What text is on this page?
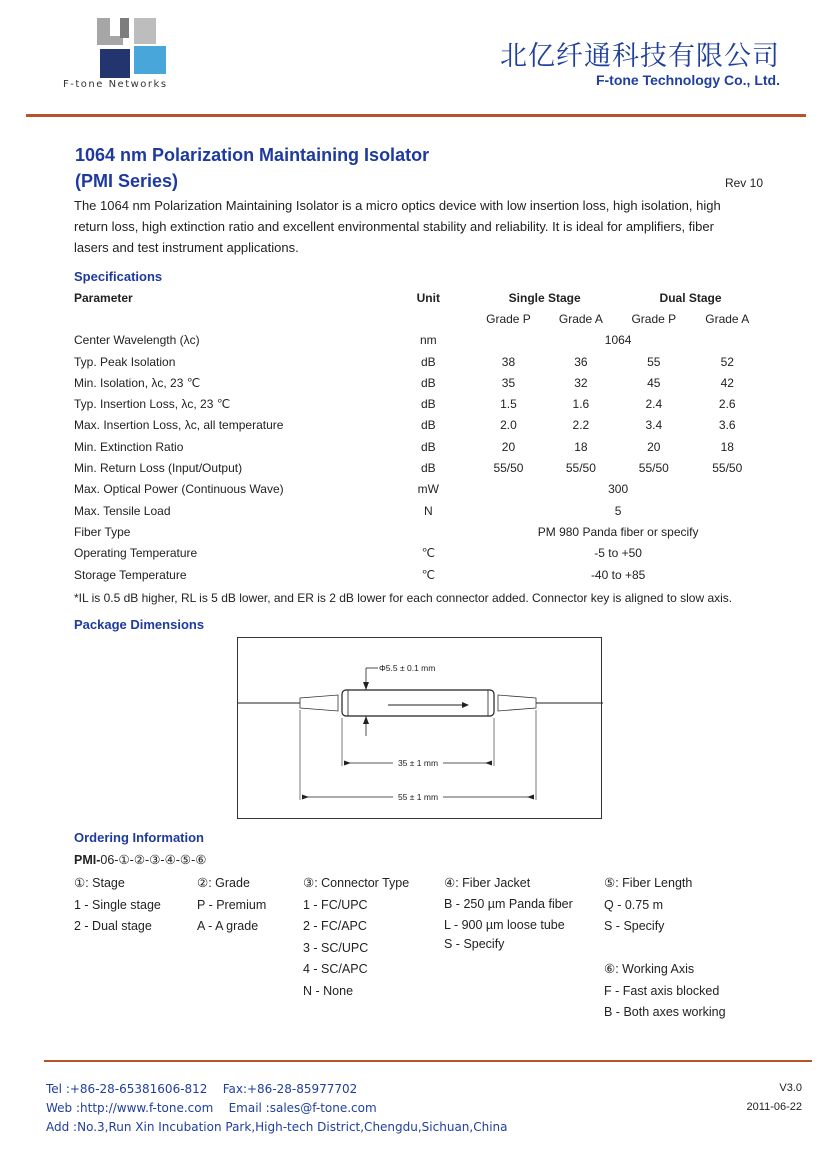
F-tone Networks
北亿纤通科技有限公司
F-tone Technology Co., Ltd.
1064 nm Polarization Maintaining Isolator
(PMI Series)	Rev 10
The 1064 nm Polarization Maintaining Isolator is a micro optics device with low insertion loss, high isolation, high
return loss, high extinction ratio and excellent environmental stability and reliability. It is ideal for amplifiers, fiber
lasers and test instrument applications.
Specifications
Parameter	Unit	Single Stage		Dual Stage	
		Grade P	Grade A	Grade P	Grade A
Center Wavelength (λc)	nm	1064			
Typ. Peak Isolation	dB	38	36	55	52
Min. Isolation, λc, 23 ℃	dB	35	32	45	42
Typ. Insertion Loss, λc, 23 ℃	dB	1.5	1.6	2.4	2.6
Max. Insertion Loss, λc, all temperature	dB	2.0	2.2	3.4	3.6
Min. Extinction Ratio	dB	20	18	20	18
Min. Return Loss (Input/Output)	dB	55/50	55/50	55/50	55/50
Max. Optical Power (Continuous Wave)	mW	300			
Max. Tensile Load	N	5			
Fiber Type		PM 980 Panda fiber or specify			
Operating Temperature	℃	-5 to +50			
Storage Temperature	℃	-40 to +85			
*IL is 0.5 dB higher, RL is 5 dB lower, and ER is 2 dB lower for each connector added. Connector key is aligned to slow axis.
Package Dimensions
Φ5.5 ± 0.1 mm
35 ± 1 mm
55 ± 1 mm
Ordering Information
PMI-06-①-②-③-④-⑤-⑥
①: Stage
1 - Single stage
2 - Dual stage
②: Grade
P - Premium
A - A grade
③: Connector Type
1 - FC/UPC
2 - FC/APC
3 - SC/UPC
4 - SC/APC
N - None
④: Fiber Jacket
B - 250 µm Panda fiber
L - 900 µm loose tube
S - Specify
⑤: Fiber Length
Q - 0.75 m
S - Specify
⑥: Working Axis
F - Fast axis blocked
B - Both axes working
Tel :+86-28-65381606-812    Fax:+86-28-85977702
Web :http://www.f-tone.com    Email :sales@f-tone.com
Add :No.3,Run Xin Incubation Park,High-tech District,Chengdu,Sichuan,China
V3.0
2011-06-22
